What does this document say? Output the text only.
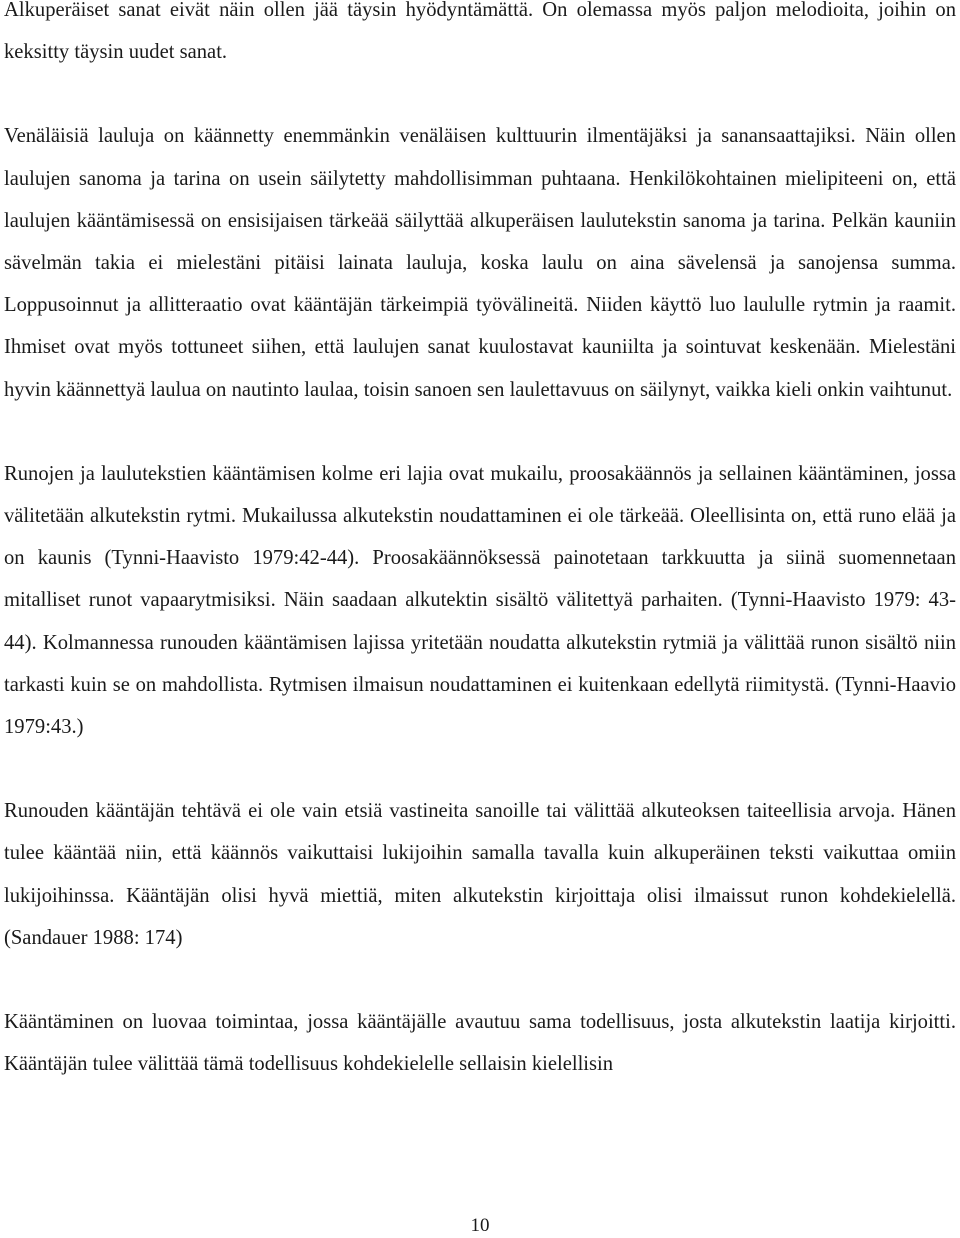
Alkuperäiset sanat eivät näin ollen jää täysin hyödyntämättä. On olemassa myös paljon melodioita, joihin on keksitty täysin uudet sanat.

Venäläisiä lauluja on käännetty enemmänkin venäläisen kulttuurin ilmentäjäksi ja sanansaattajiksi. Näin ollen laulujen sanoma ja tarina on usein säilytetty mahdollisimman puhtaana. Henkilökohtainen mielipiteeni on, että laulujen kääntämisessä on ensisijaisen tärkeää säilyttää alkuperäisen laulutekstin sanoma ja tarina. Pelkän kauniin sävelmän takia ei mielestäni pitäisi lainata lauluja, koska laulu on aina sävelensä ja sanojensa summa. Loppusoinnut ja allitteraatio ovat kääntäjän tärkeimpiä työvälineitä. Niiden käyttö luo laululle rytmin ja raamit. Ihmiset ovat myös tottuneet siihen, että laulujen sanat kuulostavat kauniilta ja sointuvat keskenään. Mielestäni hyvin käännettyä laulua on nautinto laulaa, toisin sanoen sen laulettavuus on säilynyt, vaikka kieli onkin vaihtunut.

Runojen ja laulutekstien kääntämisen kolme eri lajia ovat mukailu, proosakäännös ja sellainen kääntäminen, jossa välitetään alkutekstin rytmi. Mukailussa alkutekstin noudattaminen ei ole tärkeää. Oleellisinta on, että runo elää ja on kaunis (Tynni-Haavisto 1979:42-44). Proosakäännöksessä painotetaan tarkkuutta ja siinä suomennetaan mitalliset runot vapaarytmisiksi. Näin saadaan alkutektin sisältö välitettyä parhaiten. (Tynni-Haavisto 1979: 43-44). Kolmannessa runouden kääntämisen lajissa yritetään noudatta alkutekstin rytmiä ja välittää runon sisältö niin tarkasti kuin se on mahdollista. Rytmisen ilmaisun noudattaminen ei kuitenkaan edellytä riimitystä. (Tynni-Haavio 1979:43.)

Runouden kääntäjän tehtävä ei ole vain etsiä vastineita sanoille tai välittää alkuteoksen taiteellisia arvoja. Hänen tulee kääntää niin, että käännös vaikuttaisi lukijoihin samalla tavalla kuin alkuperäinen teksti vaikuttaa omiin lukijoihinssa. Kääntäjän olisi hyvä miettiä, miten alkutekstin kirjoittaja olisi ilmaissut runon kohdekielellä. (Sandauer 1988: 174)

Kääntäminen on luovaa toimintaa, jossa kääntäjälle avautuu sama todellisuus, josta alkutekstin laatija kirjoitti. Kääntäjän tulee välittää tämä todellisuus kohdekielelle sellaisin kielellisin

10
